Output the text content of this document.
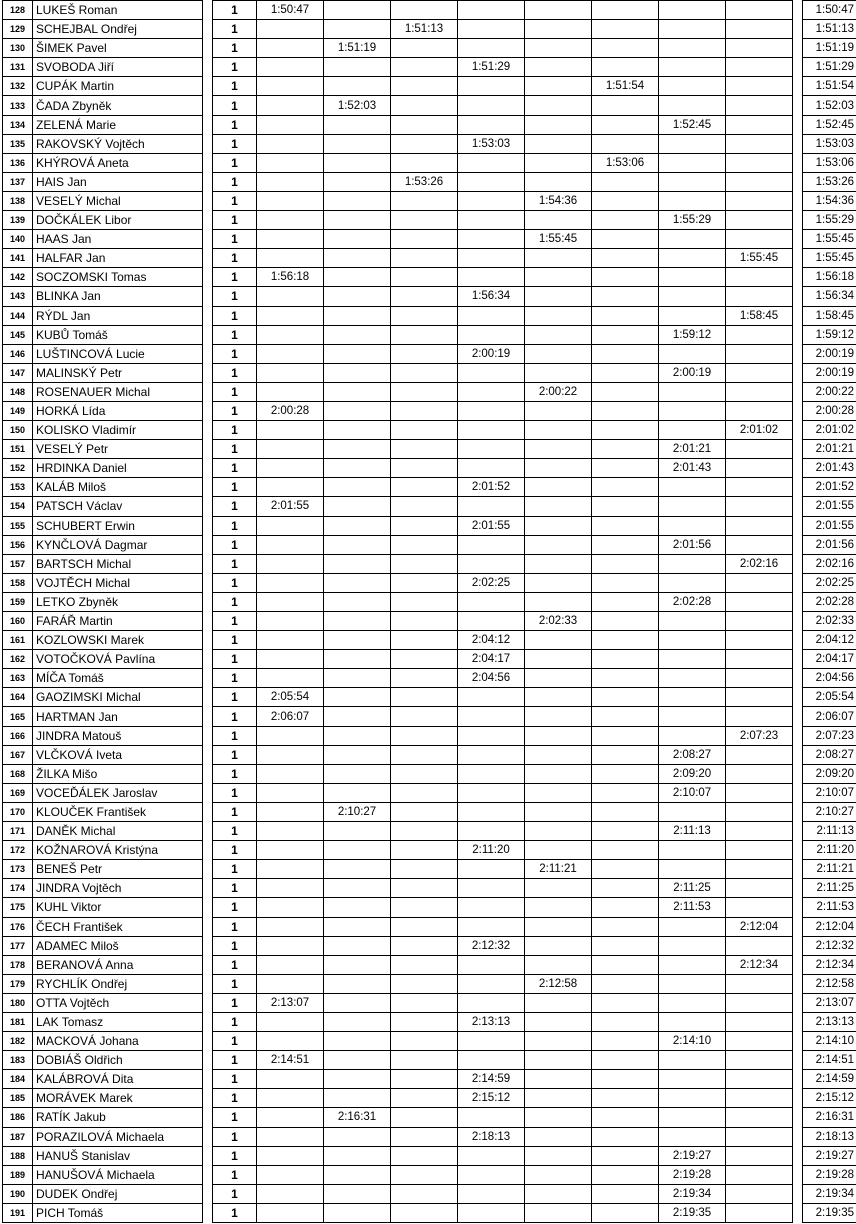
128	LUKEŠ Roman		1	1:50:47									1:50:47
129	SCHEJBAL Ondřej		1			1:51:13							1:51:13
130	ŠIMEK Pavel		1		1:51:19								1:51:19
131	SVOBODA Jiří		1				1:51:29						1:51:29
132	CUPÁK Martin		1						1:51:54				1:51:54
133	ČADA Zbyněk		1		1:52:03								1:52:03
134	ZELENÁ Marie		1							1:52:45			1:52:45
135	RAKOVSKÝ Vojtěch		1				1:53:03						1:53:03
136	KHÝROVÁ Aneta		1						1:53:06				1:53:06
137	HAIS Jan		1			1:53:26							1:53:26
138	VESELÝ Michal		1					1:54:36					1:54:36
139	DOČKÁLEK Libor		1							1:55:29			1:55:29
140	HAAS Jan		1					1:55:45					1:55:45
141	HALFAR Jan		1								1:55:45		1:55:45
142	SOCZOMSKI Tomas		1	1:56:18									1:56:18
143	BLINKA Jan		1				1:56:34						1:56:34
144	RÝDL Jan		1								1:58:45		1:58:45
145	KUBŮ Tomáš		1							1:59:12			1:59:12
146	LUŠTINCOVÁ Lucie		1				2:00:19						2:00:19
147	MALINSKÝ Petr		1							2:00:19			2:00:19
148	ROSENAUER Michal		1					2:00:22					2:00:22
149	HORKÁ Lída		1	2:00:28									2:00:28
150	KOLISKO Vladimír		1								2:01:02		2:01:02
151	VESELÝ Petr		1							2:01:21			2:01:21
152	HRDINKA Daniel		1							2:01:43			2:01:43
153	KALÁB Miloš		1				2:01:52						2:01:52
154	PATSCH Václav		1	2:01:55									2:01:55
155	SCHUBERT Erwin		1				2:01:55						2:01:55
156	KYNČLOVÁ Dagmar		1							2:01:56			2:01:56
157	BARTSCH Michal		1								2:02:16		2:02:16
158	VOJTĚCH Michal		1				2:02:25						2:02:25
159	LETKO Zbyněk		1							2:02:28			2:02:28
160	FARÁŘ Martin		1					2:02:33					2:02:33
161	KOZLOWSKI Marek		1				2:04:12						2:04:12
162	VOTOČKOVÁ Pavlína		1				2:04:17						2:04:17
163	MÍČA Tomáš		1				2:04:56						2:04:56
164	GAOZIMSKI Michal		1	2:05:54									2:05:54
165	HARTMAN Jan		1	2:06:07									2:06:07
166	JINDRA Matouš		1								2:07:23		2:07:23
167	VLČKOVÁ Iveta		1							2:08:27			2:08:27
168	ŽILKA Mišo		1							2:09:20			2:09:20
169	VOCEĎÁLEK Jaroslav		1							2:10:07			2:10:07
170	KLOUČEK František		1		2:10:27								2:10:27
171	DANĚK Michal		1							2:11:13			2:11:13
172	KOŽNAROVÁ Kristýna		1				2:11:20						2:11:20
173	BENEŠ Petr		1					2:11:21					2:11:21
174	JINDRA Vojtěch		1							2:11:25			2:11:25
175	KUHL Viktor		1							2:11:53			2:11:53
176	ČECH František		1								2:12:04		2:12:04
177	ADAMEC Miloš		1				2:12:32						2:12:32
178	BERANOVÁ Anna		1								2:12:34		2:12:34
179	RYCHLÍK Ondřej		1					2:12:58					2:12:58
180	OTTA Vojtěch		1	2:13:07									2:13:07
181	LAK Tomasz		1				2:13:13						2:13:13
182	MACKOVÁ Johana		1							2:14:10			2:14:10
183	DOBIÁŠ Oldřich		1	2:14:51									2:14:51
184	KALÁBROVÁ Dita		1				2:14:59						2:14:59
185	MORÁVEK Marek		1				2:15:12						2:15:12
186	RATÍK Jakub		1		2:16:31								2:16:31
187	PORAZILOVÁ Michaela		1				2:18:13						2:18:13
188	HANUŠ Stanislav		1							2:19:27			2:19:27
189	HANUŠOVÁ Michaela		1							2:19:28			2:19:28
190	DUDEK Ondřej		1							2:19:34			2:19:34
191	PICH Tomáš		1							2:19:35			2:19:35
